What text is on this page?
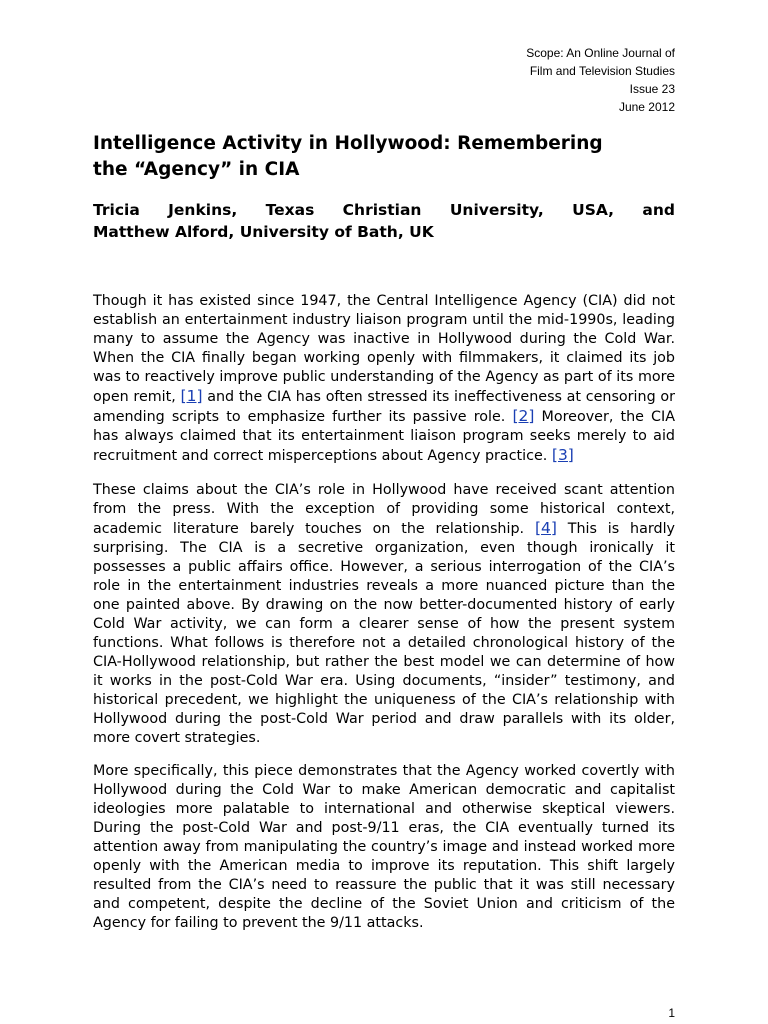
Scope: An Online Journal of
Film and Television Studies
Issue 23
June 2012
Intelligence Activity in Hollywood: Remembering
the “Agency” in CIA
Tricia Jenkins, Texas Christian University, USA, and
Matthew Alford, University of Bath, UK

Though it has existed since 1947, the Central Intelligence Agency (CIA) did not establish an entertainment industry liaison program until the mid-1990s, leading many to assume the Agency was inactive in Hollywood during the Cold War. When the CIA finally began working openly with filmmakers, it claimed its job was to reactively improve public understanding of the Agency as part of its more open remit, [1] and the CIA has often stressed its ineffectiveness at censoring or amending scripts to emphasize further its passive role. [2] Moreover, the CIA has always claimed that its entertainment liaison program seeks merely to aid recruitment and correct misperceptions about Agency practice. [3]

These claims about the CIA’s role in Hollywood have received scant attention from the press. With the exception of providing some historical context, academic literature barely touches on the relationship. [4] This is hardly surprising. The CIA is a secretive organization, even though ironically it possesses a public affairs office. However, a serious interrogation of the CIA’s role in the entertainment industries reveals a more nuanced picture than the one painted above. By drawing on the now better-documented history of early Cold War activity, we can form a clearer sense of how the present system functions. What follows is therefore not a detailed chronological history of the CIA-Hollywood relationship, but rather the best model we can determine of how it works in the post-Cold War era. Using documents, “insider” testimony, and historical precedent, we highlight the uniqueness of the CIA’s relationship with Hollywood during the post-Cold War period and draw parallels with its older, more covert strategies.

More specifically, this piece demonstrates that the Agency worked covertly with Hollywood during the Cold War to make American democratic and capitalist ideologies more palatable to international and otherwise skeptical viewers. During the post-Cold War and post-9/11 eras, the CIA eventually turned its attention away from manipulating the country’s image and instead worked more openly with the American media to improve its reputation. This shift largely resulted from the CIA’s need to reassure the public that it was still necessary and competent, despite the decline of the Soviet Union and criticism of the Agency for failing to prevent the 9/11 attacks.

1
